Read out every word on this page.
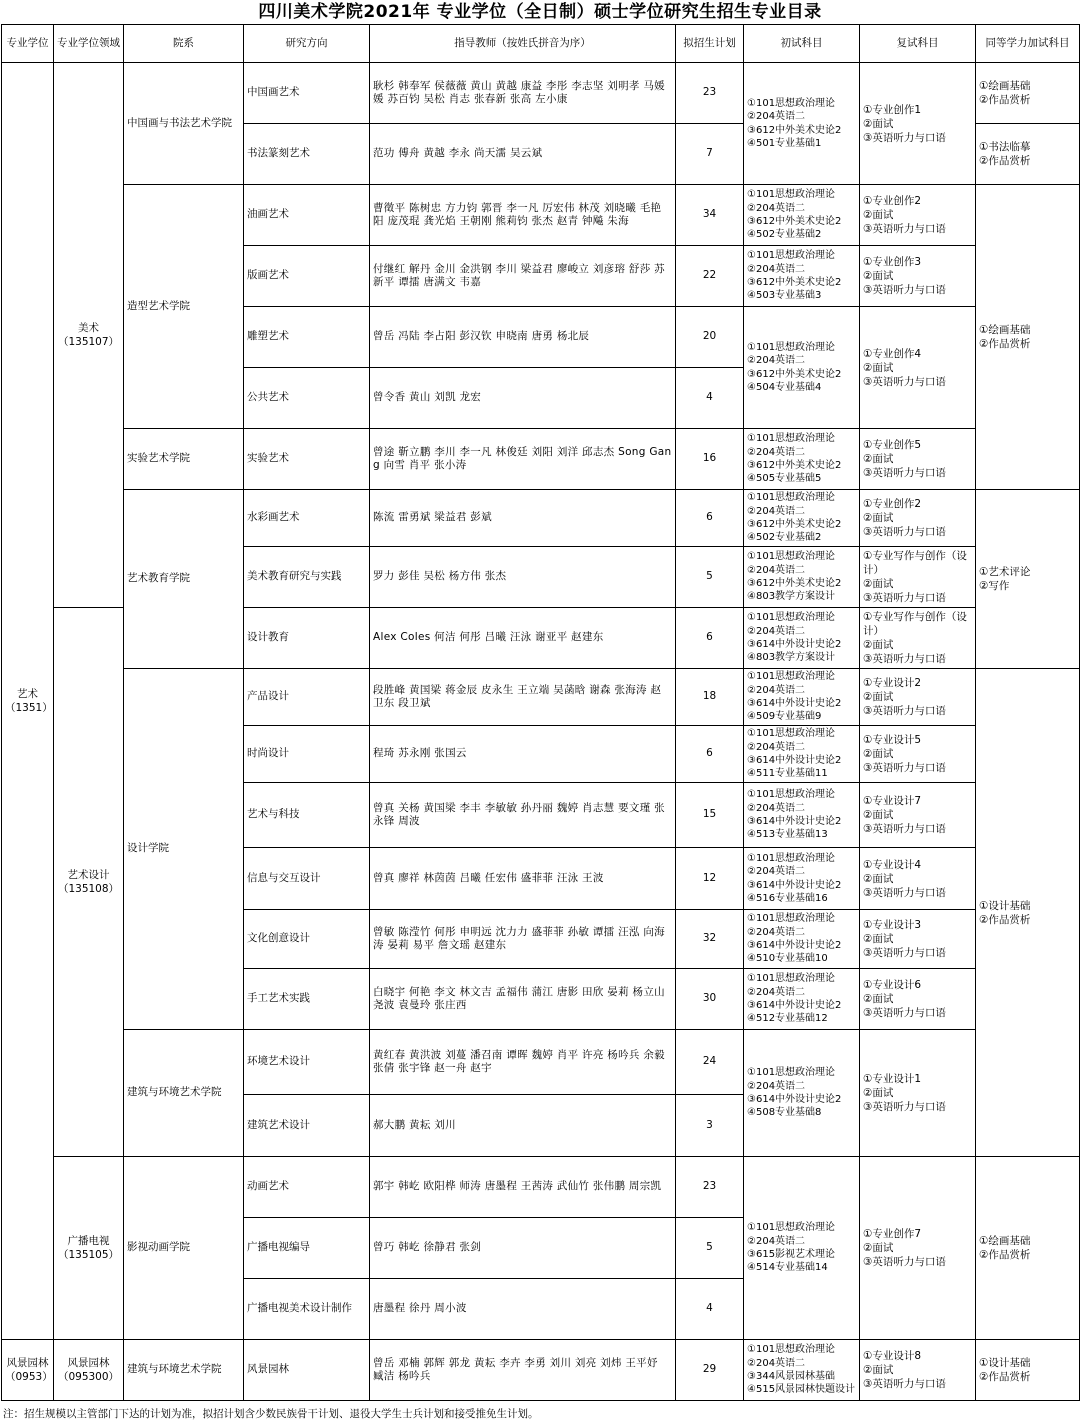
四川美术学院2021年 专业学位（全日制）硕士学位研究生招生专业目录
专业学位	专业学位领域	院系	研究方向	指导教师（按姓氏拼音为序）	拟招生计划	初试科目	复试科目	同等学力加试科目

艺术
（1351）	美术
（135107）	中国画与书法艺术学院	中国画艺术	耿杉 韩奉军 侯薇薇 黄山 黄越 康益 李彤 李志坚 刘明孝 马媛媛 苏百钧 吴松 肖志 张春新 张高 左小康	23	①101思想政治理论
②204英语二
③612中外美术史论2
④501专业基础1	①专业创作1
②面试
③英语听力与口语	①绘画基础
②作品赏析

			书法篆刻艺术	范功 傅舟 黄越 李永 尚天濡 吴云斌	7			①书法临摹
②作品赏析

		造型艺术学院	油画艺术	曹徵平 陈树忠 方力钧 郭晋 李一凡 厉宏伟 林茂 刘晓曦 毛艳阳 庞茂琨 龚光焰 王朝刚 熊莉钧 张杰 赵青 钟飚 朱海	34	①101思想政治理论
②204英语二
③612中外美术史论2
④502专业基础2	①专业创作2
②面试
③英语听力与口语	①绘画基础
②作品赏析

			版画艺术	付继红 解丹 金川 金洪钢 李川 梁益君 廖峻立 刘彦瑢 舒莎 苏新平 谭擂 唐满文 韦嘉	22	①101思想政治理论
②204英语二
③612中外美术史论2
④503专业基础3	①专业创作3
②面试
③英语听力与口语	

			雕塑艺术	曾岳 冯陆 李占阳 彭汉钦 申晓南 唐勇 杨北辰	20	①101思想政治理论
②204英语二
③612中外美术史论2
④504专业基础4	①专业创作4
②面试
③英语听力与口语	

			公共艺术	曾令香 黄山 刘凯 龙宏	4			
		实验艺术学院	实验艺术	曾途 靳立鹏 李川 李一凡 林俊廷 刘阳 刘洋 邱志杰 Song Gang 向雪 肖平 张小涛	16	①101思想政治理论
②204英语二
③612中外美术史论2
④505专业基础5	①专业创作5
②面试
③英语听力与口语	

		艺术教育学院	水彩画艺术	陈流 雷勇斌 梁益君 彭斌	6	①101思想政治理论
②204英语二
③612中外美术史论2
④502专业基础2	①专业创作2
②面试
③英语听力与口语	①艺术评论
②写作

			美术教育研究与实践	罗力 彭佳 吴松 杨方伟 张杰	5	①101思想政治理论
②204英语二
③612中外美术史论2
④803教学方案设计	①专业写作与创作（设计）
②面试
③英语听力与口语	

	艺术设计
（135108）		设计教育	Alex Coles 何洁 何彤 吕曦 汪泳 谢亚平 赵建东	6	①101思想政治理论
②204英语二
③614中外设计史论2
④803教学方案设计	①专业写作与创作（设计）
②面试
③英语听力与口语	

		设计学院	产品设计	段胜峰 黄国梁 蒋金辰 皮永生 王立端 吴菡晗 谢森 张海涛 赵卫东 段卫斌	18	①101思想政治理论
②204英语二
③614中外设计史论2
④509专业基础9	①专业设计2
②面试
③英语听力与口语	①设计基础
②作品赏析

			时尚设计	程琦 苏永刚 张国云	6	①101思想政治理论
②204英语二
③614中外设计史论2
④511专业基础11	①专业设计5
②面试
③英语听力与口语	

			艺术与科技	曾真 关杨 黄国梁 李丰 李敏敏 孙丹丽 魏婷 肖志慧 要文瑾 张永锋 周波	15	①101思想政治理论
②204英语二
③614中外设计史论2
④513专业基础13	①专业设计7
②面试
③英语听力与口语	

			信息与交互设计	曾真 廖祥 林茵茵 吕曦 任宏伟 盛菲菲 汪泳 王波	12	①101思想政治理论
②204英语二
③614中外设计史论2
④516专业基础16	①专业设计4
②面试
③英语听力与口语	

			文化创意设计	曾敏 陈滢竹 何彤 申明远 沈力力 盛菲菲 孙敏 谭擂 汪泓 向海涛 晏莉 易平 詹文瑶 赵建东	32	①101思想政治理论
②204英语二
③614中外设计史论2
④510专业基础10	①专业设计3
②面试
③英语听力与口语	

			手工艺术实践	白晓宇 何艳 李文 林文吉 孟福伟 蒲江 唐影 田欣 晏莉 杨立山 尧波 袁曼玲 张庄西	30	①101思想政治理论
②204英语二
③614中外设计史论2
④512专业基础12	①专业设计6
②面试
③英语听力与口语	

		建筑与环境艺术学院	环境艺术设计	黄红春 黄洪波 刘蔓 潘召南 谭晖 魏婷 肖平 许亮 杨吟兵 余毅 张倩 张宇锋 赵一舟 赵宇	24	①101思想政治理论
②204英语二
③614中外设计史论2
④508专业基础8	①专业设计1
②面试
③英语听力与口语	

			建筑艺术设计	郝大鹏 黄耘 刘川	3			

	广播电视
（135105）	影视动画学院	动画艺术	郭宇 韩屹 欧阳桦 师涛 唐墨程 王茜涛 武仙竹 张伟鹏 周宗凯	23	①101思想政治理论
②204英语二
③615影视艺术理论
④514专业基础14	①专业创作7
②面试
③英语听力与口语	①绘画基础
②作品赏析

			广播电视编导	曾巧 韩屹 徐静君 张剑	5			
			广播电视美术设计制作	唐墨程 徐丹 周小波	4			

风景园林
（0953）	风景园林
（095300）	建筑与环境艺术学院	风景园林	曾岳 邓楠 郭辉 郭龙 黄耘 李卉 李勇 刘川 刘亮 刘炜 王平妤 臧洁 杨吟兵	29	①101思想政治理论
②204英语二
③344风景园林基础
④515风景园林快题设计	①专业设计8
②面试
③英语听力与口语	①设计基础
②作品赏析
注：招生规模以主管部门下达的计划为准，拟招计划含少数民族骨干计划、退役大学生士兵计划和接受推免生计划。
